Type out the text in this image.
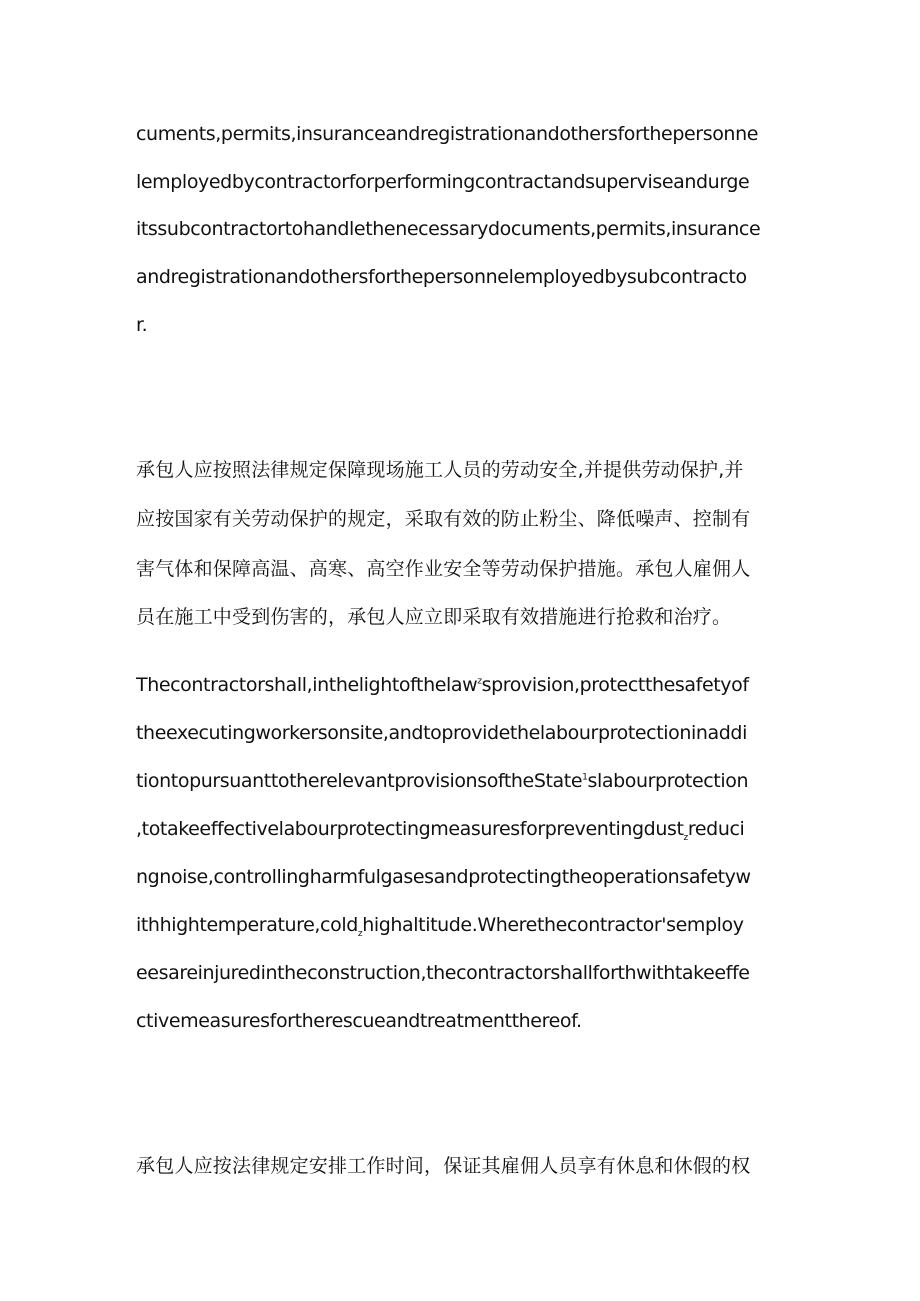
cuments,permits,insuranceandregistrationandothersforthepersonne
lemployedbycontractorforperformingcontractandsuperviseandurge
itssubcontractortohandlethenecessarydocuments,permits,insurance
andregistrationandothersforthepersonnelemployedbysubcontracto
r.
承包人应按照法律规定保障现场施工人员的劳动安全,并提供劳动保护,并
应按国家有关劳动保护的规定，采取有效的防止粉尘、降低噪声、控制有
害气体和保障高温、高寒、高空作业安全等劳动保护措施。承包人雇佣人
员在施工中受到伤害的，承包人应立即采取有效措施进行抢救和治疗。
Thecontractorshall,inthelightofthelaw$^z$sprovision,protectthesafetyof
theexecutingworkersonsite,andtoprovidethelabourprotectioninaddi
tiontopursuanttotherelevantprovisionsoftheState$^1$slabourprotection
,totakeeffectivelabourprotectingmeasuresforpreventingdust$_z$reduci
ngnoise,controllingharmfulgasesandprotectingtheoperationsafetyw
ithhightemperature,cold$_z$highaltitude.Wherethecontractor'semploy
eesareinjuredintheconstruction,thecontractorshallforthwithtakeeffe
ctivemeasuresfortherescueandtreatmentthereof.
承包人应按法律规定安排工作时间，保证其雇佣人员享有休息和休假的权
